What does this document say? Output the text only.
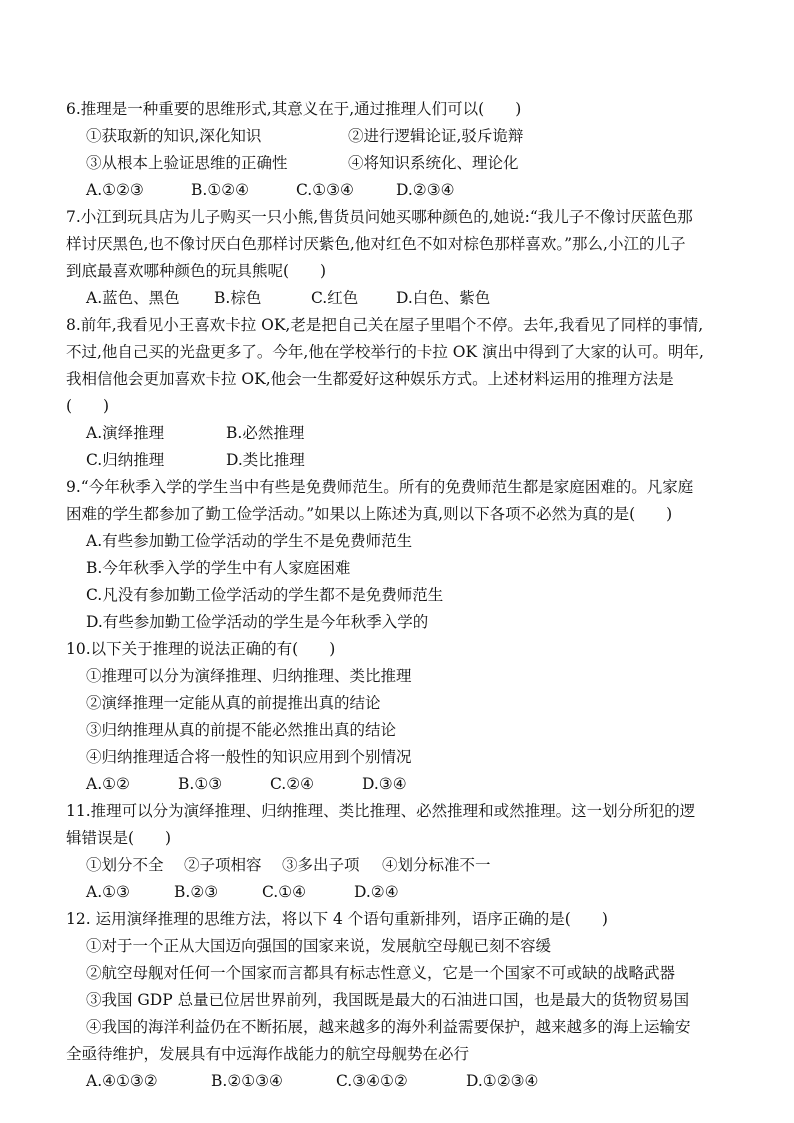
6.推理是一种重要的思维形式,其意义在于,通过推理人们可以(　　)
①获取新的知识,深化知识	②进行逻辑论证,驳斥诡辩
③从根本上验证思维的正确性	④将知识系统化、理论化
A.①②③	B.①②④	C.①③④	D.②③④
7.小江到玩具店为儿子购买一只小熊,售货员问她买哪种颜色的,她说:“我儿子不像讨厌蓝色那
样讨厌黑色,也不像讨厌白色那样讨厌紫色,他对红色不如对棕色那样喜欢。”那么,小江的儿子
到底最喜欢哪种颜色的玩具熊呢(　　)
A.蓝色、黑色 B.棕色	C.红色 D.白色、紫色
8.前年,我看见小王喜欢卡拉 OK,老是把自己关在屋子里唱个不停。去年,我看见了同样的事情,
不过,他自己买的光盘更多了。今年,他在学校举行的卡拉 OK 演出中得到了大家的认可。明年,
我相信他会更加喜欢卡拉 OK,他会一生都爱好这种娱乐方式。上述材料运用的推理方法是
(　　)
A.演绎推理	B.必然推理
C.归纳推理	D.类比推理
9.“今年秋季入学的学生当中有些是免费师范生。所有的免费师范生都是家庭困难的。凡家庭
困难的学生都参加了勤工俭学活动。”如果以上陈述为真,则以下各项不必然为真的是(　　)
A.有些参加勤工俭学活动的学生不是免费师范生
B.今年秋季入学的学生中有人家庭困难
C.凡没有参加勤工俭学活动的学生都不是免费师范生
D.有些参加勤工俭学活动的学生是今年秋季入学的
10.以下关于推理的说法正确的有(　　)
①推理可以分为演绎推理、归纳推理、类比推理
②演绎推理一定能从真的前提推出真的结论
③归纳推理从真的前提不能必然推出真的结论
④归纳推理适合将一般性的知识应用到个别情况
A.①②	B.①③	C.②④	D.③④
11.推理可以分为演绎推理、归纳推理、类比推理、必然推理和或然推理。这一划分所犯的逻
辑错误是(　　)
①划分不全 ②子项相容 ③多出子项 ④划分标准不一
A.①③	B.②③	C.①④	D.②④
12. 运用演绎推理的思维方法，将以下 4 个语句重新排列，语序正确的是(　　)
①对于一个正从大国迈向强国的国家来说，发展航空母舰已刻不容缓
②航空母舰对任何一个国家而言都具有标志性意义，它是一个国家不可或缺的战略武器
③我国 GDP 总量已位居世界前列，我国既是最大的石油进口国，也是最大的货物贸易国
④我国的海洋利益仍在不断拓展，越来越多的海外利益需要保护，越来越多的海上运输安
全亟待维护，发展具有中远海作战能力的航空母舰势在必行
A.④①③②	B.②①③④	C.③④①②	D.①②③④
